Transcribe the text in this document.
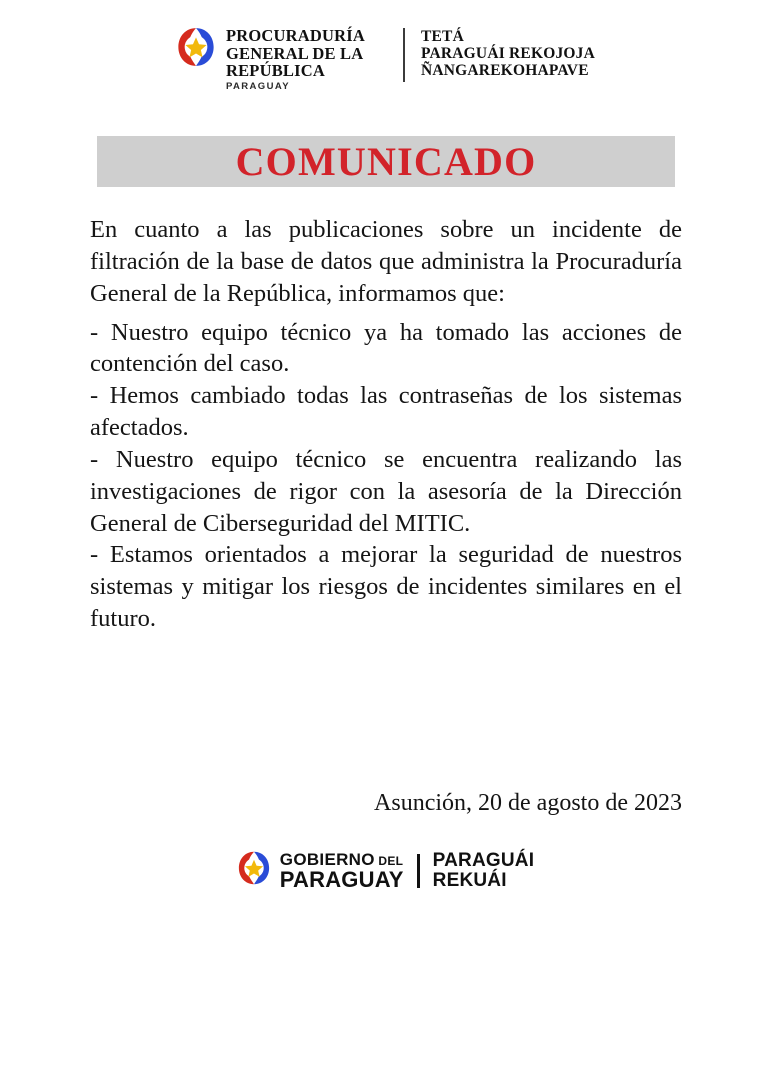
PROCURADURÍA
GENERAL DE LA
REPÚBLICA
PARAGUAY
TETÁ
PARAGUÁI REKOJOJA
ÑANGAREKOHAPAVE
COMUNICADO

En cuanto a las publicaciones sobre un incidente de filtración de la base de datos que administra la Procuraduría General de la República, informamos que:

- Nuestro equipo técnico ya ha tomado las acciones de contención del caso.

- Hemos cambiado todas las contraseñas de los sistemas afectados.

- Nuestro equipo técnico se encuentra realizando las investigaciones de rigor con la asesoría de la Dirección General de Ciberseguridad del MITIC.

- Estamos orientados a mejorar la seguridad de nuestros sistemas y mitigar los riesgos de incidentes similares en el futuro.

Asunción, 20 de agosto de 2023
GOBIERNO DEL
PARAGUAY
PARAGUÁI
REKUÁI
